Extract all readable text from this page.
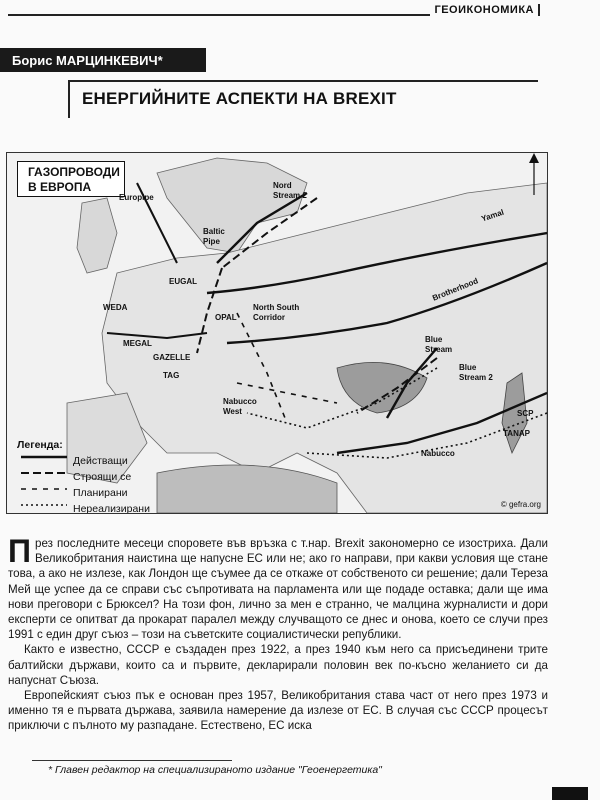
ГЕОИКОНОМИКА
Борис МАРЦИНКЕВИЧ*
ЕНЕРГИЙНИТЕ АСПЕКТИ НА BREXIT
ГАЗОПРОВОДИ
В ЕВРОПА	Nord
Stream 2
Yamal
Brotherhood
Europipe
Baltic
Pipe
EUGAL
OPAL
North South
Corridor
WEDA
MEGAL
GAZELLE
TAG
Blue
Stream
Blue
Stream 2
Nabucco
West
Nabucco
TANAP
SCP
Легенда:
Действащи
Строящи се
Планирани
Нереализирани	© gefra.org

През последните месеци споровете във връзка с т.нар. Brexit закономерно се изострихa. Дали Великобритания наистина ще напусне ЕС или не; ако го направи, при какви условия ще стане това, а ако не излезе, как Лондон ще съумее да се откаже от собственото си решение; дали Тереза Мей ще успее да се справи със съпротивата на парламента или ще подаде оставка; дали ще има нови преговори с Брюксел? На този фон, лично за мен е странно, че малцина журналисти и дори експерти се опитват да прокарат паралел между случващото се днес и онова, което се случи през 1991 с един друг съюз – този на съветските социалистически републики.

Както е известно, СССР е създаден през 1922, а през 1940 към него са присъединени трите балтийски държави, които са и първите, декларирали половин век по-късно желанието си да напуснат Съюза.

Европейският съюз пък е основан през 1957, Великобритания става част от него през 1973 и именно тя е първата държава, заявила намерение да излезе от ЕС. В случая със СССР процесът приключи с пълното му разпадане. Естествено, ЕС иска

* Главен редактор на специализираното издание "Геоенергетика"
